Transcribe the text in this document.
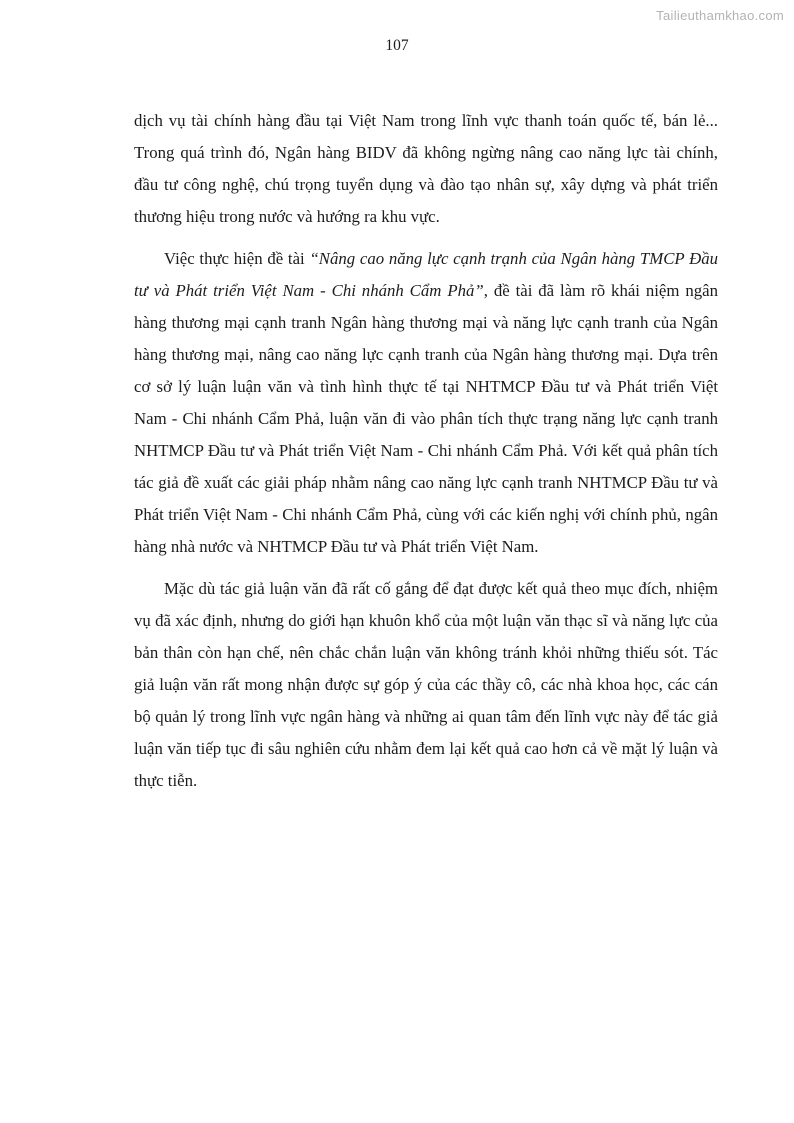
Tailieuthamkhao.com
107

dịch vụ tài chính hàng đầu tại Việt Nam trong lĩnh vực thanh toán quốc tế, bán lẻ... Trong quá trình đó, Ngân hàng BIDV đã không ngừng nâng cao năng lực tài chính, đầu tư công nghệ, chú trọng tuyển dụng và đào tạo nhân sự, xây dựng và phát triển thương hiệu trong nước và hướng ra khu vực.

Việc thực hiện đề tài “Nâng cao năng lực cạnh trạnh của Ngân hàng TMCP Đầu tư và Phát triển Việt Nam - Chi nhánh Cẩm Phả”, đề tài đã làm rõ khái niệm ngân hàng thương mại cạnh tranh Ngân hàng thương mại và năng lực cạnh tranh của Ngân hàng thương mại, nâng cao năng lực cạnh tranh của Ngân hàng thương mại. Dựa trên cơ sở lý luận luận văn và tình hình thực tế tại NHTMCP Đầu tư và Phát triển Việt Nam - Chi nhánh Cẩm Phả, luận văn đi vào phân tích thực trạng năng lực cạnh tranh NHTMCP Đầu tư và Phát triển Việt Nam - Chi nhánh Cẩm Phả. Với kết quả phân tích tác giả đề xuất các giải pháp nhằm nâng cao năng lực cạnh tranh NHTMCP Đầu tư và Phát triển Việt Nam - Chi nhánh Cẩm Phả, cùng với các kiến nghị với chính phủ, ngân hàng nhà nước và NHTMCP Đầu tư và Phát triển Việt Nam.

Mặc dù tác giả luận văn đã rất cố gắng để đạt được kết quả theo mục đích, nhiệm vụ đã xác định, nhưng do giới hạn khuôn khổ của một luận văn thạc sĩ và năng lực của bản thân còn hạn chế, nên chắc chắn luận văn không tránh khỏi những thiếu sót. Tác giả luận văn rất mong nhận được sự góp ý của các thầy cô, các nhà khoa học, các cán bộ quản lý trong lĩnh vực ngân hàng và những ai quan tâm đến lĩnh vực này để tác giả luận văn tiếp tục đi sâu nghiên cứu nhằm đem lại kết quả cao hơn cả về mặt lý luận và thực tiễn.
